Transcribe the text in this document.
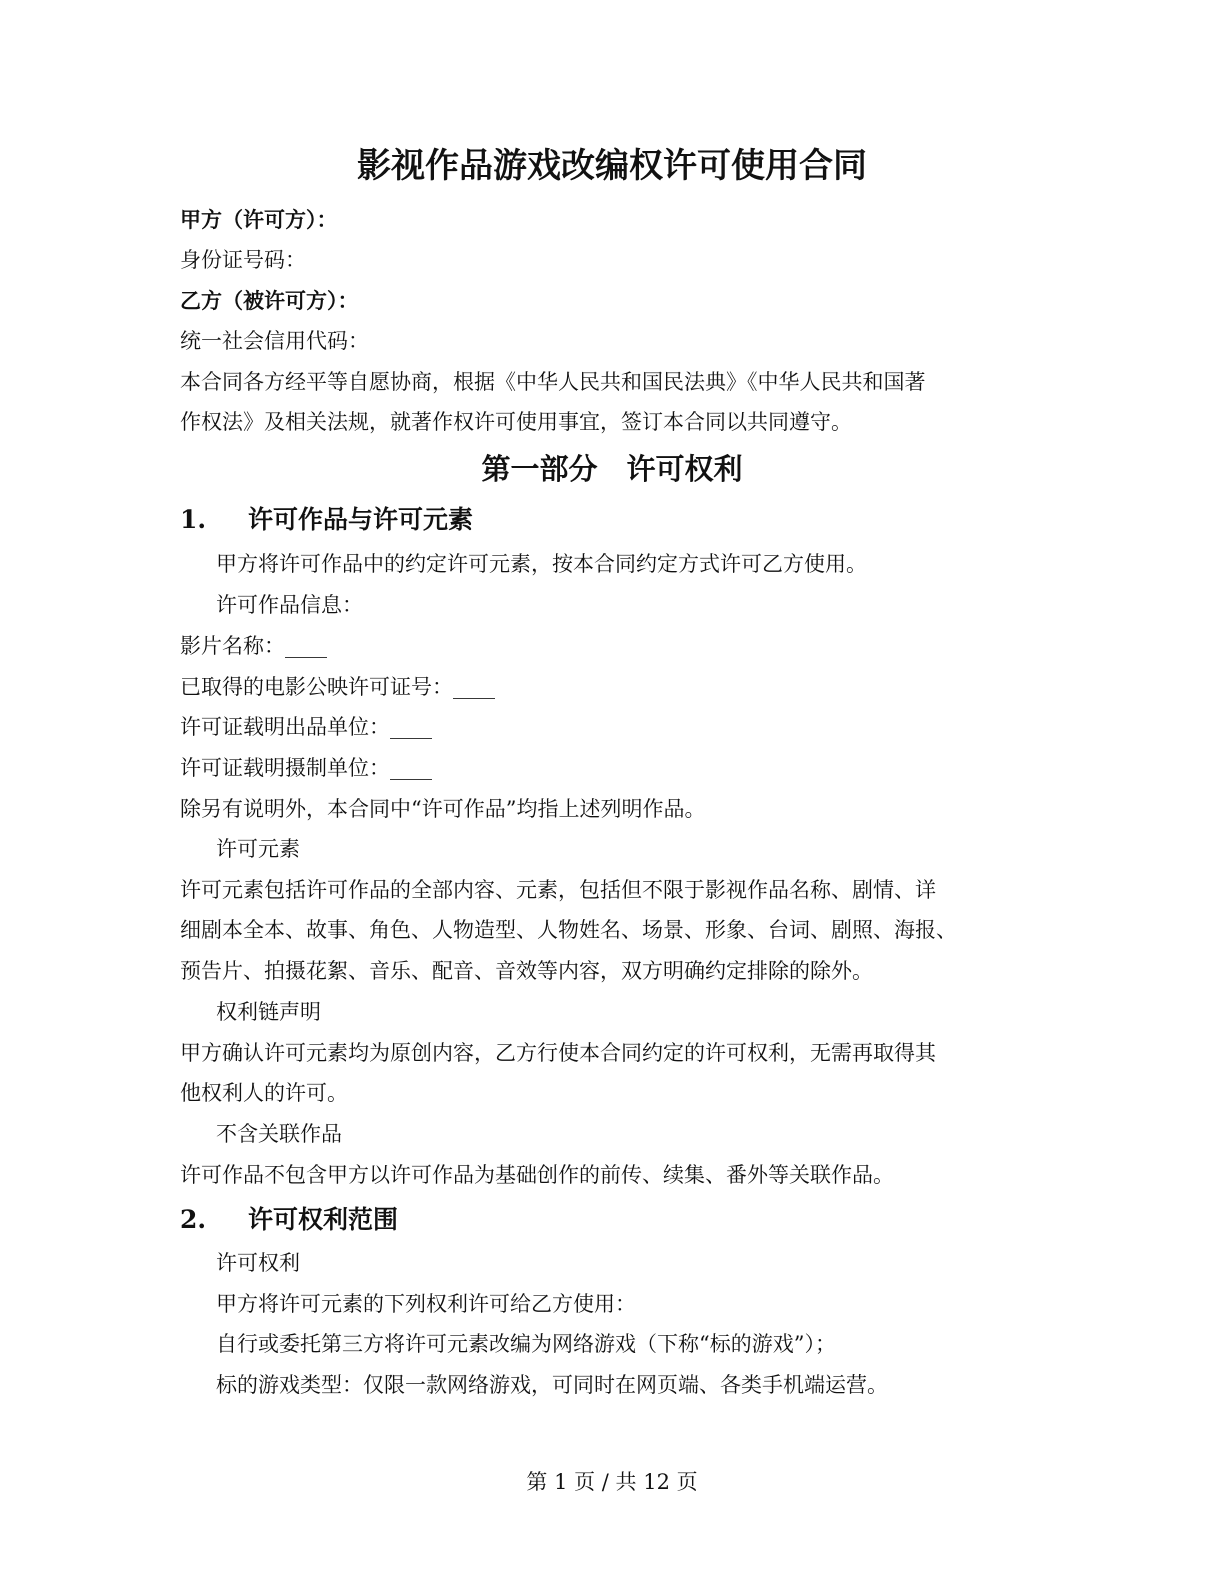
影视作品游戏改编权许可使用合同
甲方（许可方）：
身份证号码：
乙方（被许可方）：
统一社会信用代码：
本合同各方经平等自愿协商，根据《中华人民共和国民法典》《中华人民共和国著
作权法》及相关法规，就著作权许可使用事宜，签订本合同以共同遵守。
第一部分　许可权利
1. 许可作品与许可元素
甲方将许可作品中的约定许可元素，按本合同约定方式许可乙方使用。
许可作品信息：
影片名称：____
已取得的电影公映许可证号：____
许可证载明出品单位：____
许可证载明摄制单位：____
除另有说明外，本合同中“许可作品”均指上述列明作品。
许可元素
许可元素包括许可作品的全部内容、元素，包括但不限于影视作品名称、剧情、详
细剧本全本、故事、角色、人物造型、人物姓名、场景、形象、台词、剧照、海报、
预告片、拍摄花絮、音乐、配音、音效等内容，双方明确约定排除的除外。
权利链声明
甲方确认许可元素均为原创内容，乙方行使本合同约定的许可权利，无需再取得其
他权利人的许可。
不含关联作品
许可作品不包含甲方以许可作品为基础创作的前传、续集、番外等关联作品。
2. 许可权利范围
许可权利
甲方将许可元素的下列权利许可给乙方使用：
自行或委托第三方将许可元素改编为网络游戏（下称“标的游戏”）；
标的游戏类型：仅限一款网络游戏，可同时在网页端、各类手机端运营。
第 1 页 / 共 12 页
